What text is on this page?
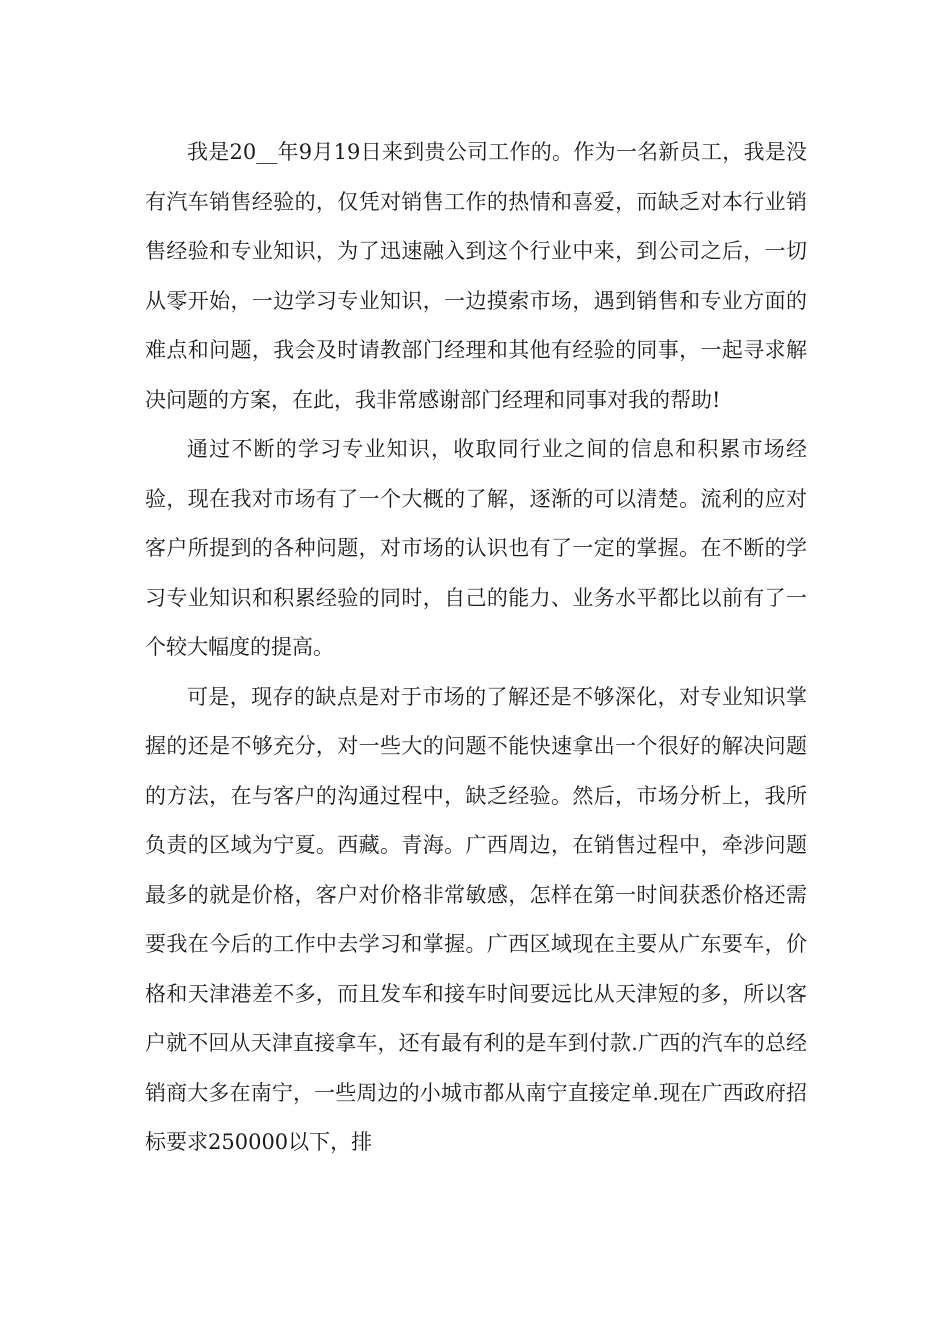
我是20__年9月19日来到贵公司工作的。作为一名新员工，我是没有汽车销售经验的，仅凭对销售工作的热情和喜爱，而缺乏对本行业销售经验和专业知识，为了迅速融入到这个行业中来，到公司之后，一切从零开始，一边学习专业知识，一边摸索市场，遇到销售和专业方面的难点和问题，我会及时请教部门经理和其他有经验的同事，一起寻求解决问题的方案，在此，我非常感谢部门经理和同事对我的帮助!

通过不断的学习专业知识，收取同行业之间的信息和积累市场经验，现在我对市场有了一个大概的了解，逐渐的可以清楚。流利的应对客户所提到的各种问题，对市场的认识也有了一定的掌握。在不断的学习专业知识和积累经验的同时，自己的能力、业务水平都比以前有了一个较大幅度的提高。

可是，现存的缺点是对于市场的了解还是不够深化，对专业知识掌握的还是不够充分，对一些大的问题不能快速拿出一个很好的解决问题的方法，在与客户的沟通过程中，缺乏经验。然后，市场分析上，我所负责的区域为宁夏。西藏。青海。广西周边，在销售过程中，牵涉问题最多的就是价格，客户对价格非常敏感，怎样在第一时间获悉价格还需要我在今后的工作中去学习和掌握。广西区域现在主要从广东要车，价格和天津港差不多，而且发车和接车时间要远比从天津短的多，所以客户就不回从天津直接拿车，还有最有利的是车到付款.广西的汽车的总经销商大多在南宁，一些周边的小城市都从南宁直接定单.现在广西政府招标要求250000以下，排
